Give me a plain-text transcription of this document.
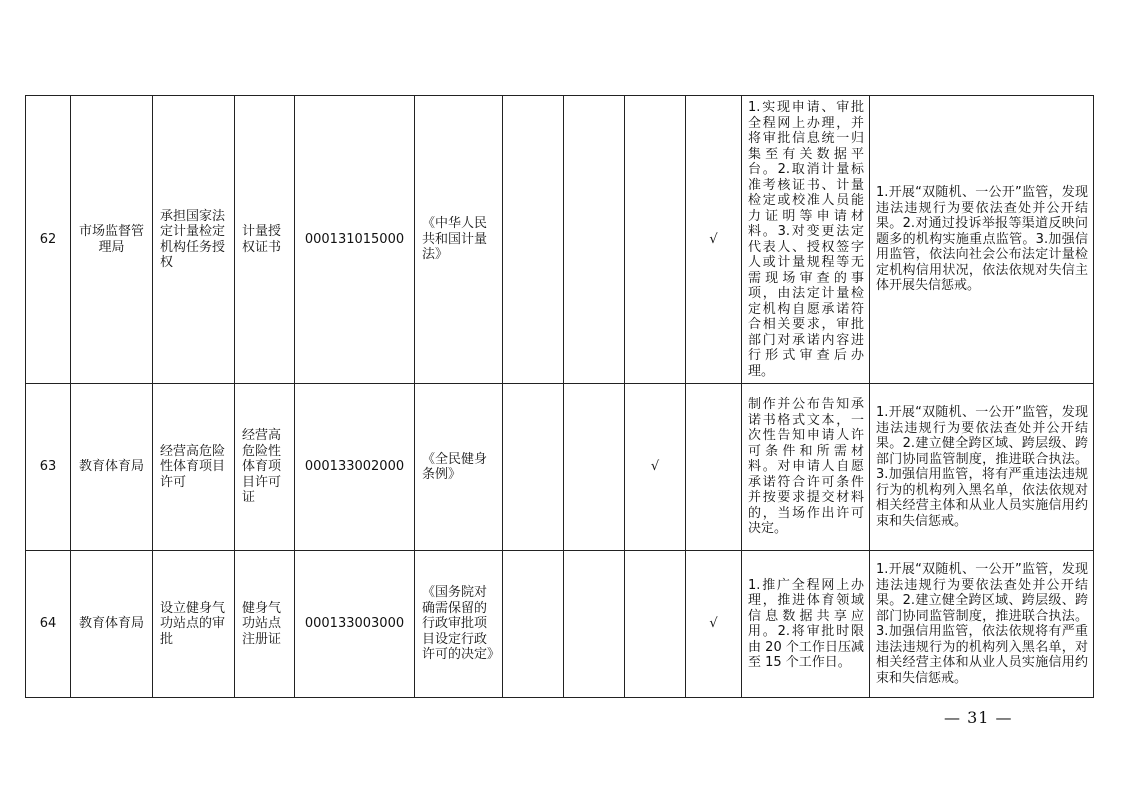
62	市场监督管理局	承担国家法定计量检定机构任务授权	计量授权证书	000131015000	《中华人民共和国计量法》				√	1.实现申请、审批全程网上办理，并将审批信息统一归集至有关数据平台。2.取消计量标准考核证书、计量检定或校准人员能力证明等申请材料。3.对变更法定代表人、授权签字人或计量规程等无需现场审查的事项，由法定计量检定机构自愿承诺符合相关要求，审批部门对承诺内容进行形式审查后办理。	1.开展“双随机、一公开”监管，发现违法违规行为要依法查处并公开结果。2.对通过投诉举报等渠道反映问题多的机构实施重点监管。3.加强信用监管，依法向社会公布法定计量检定机构信用状况，依法依规对失信主体开展失信惩戒。

63	教育体育局	经营高危险性体育项目许可	经营高危险性体育项目许可证	000133002000	《全民健身条例》			√		制作并公布告知承诺书格式文本，一次性告知申请人许可条件和所需材料。对申请人自愿承诺符合许可条件并按要求提交材料的，当场作出许可决定。	1.开展“双随机、一公开”监管，发现违法违规行为要依法查处并公开结果。2.建立健全跨区域、跨层级、跨部门协同监管制度，推进联合执法。3.加强信用监管，将有严重违法违规行为的机构列入黑名单，依法依规对相关经营主体和从业人员实施信用约束和失信惩戒。

64	教育体育局	设立健身气功站点的审批	健身气功站点注册证	000133003000	《国务院对确需保留的行政审批项目设定行政许可的决定》				√	1.推广全程网上办理，推进体育领域信息数据共享应用。2.将审批时限由 20 个工作日压减至 15 个工作日。	1.开展“双随机、一公开”监管，发现违法违规行为要依法查处并公开结果。2.建立健全跨区域、跨层级、跨部门协同监管制度，推进联合执法。3.加强信用监管，依法依规将有严重违法违规行为的机构列入黑名单，对相关经营主体和从业人员实施信用约束和失信惩戒。
— 31 —
